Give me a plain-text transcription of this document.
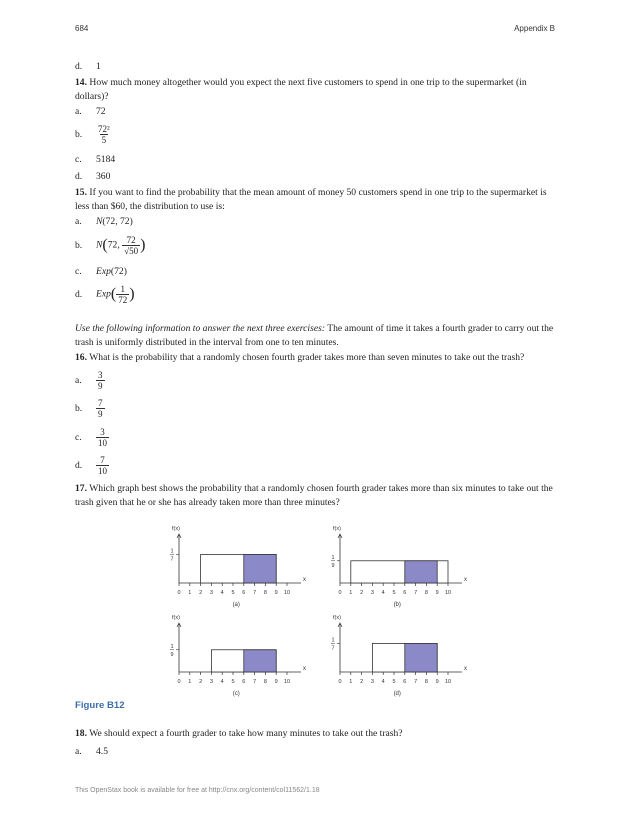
684	Appendix B
d. 1
14. How much money altogether would you expect the next five customers to spend in one trip to the supermarket (in dollars)?
a. 72
b. $\frac{\text{72²}}{5}$
c. 5184
d. 360
15. If you want to find the probability that the mean amount of money 50 customers spend in one trip to the supermarket is less than $60, the distribution to use is:
a. N(72, 72)
b. N(72, $\frac{72}{√50}$ )
c. Exp(72)
d. $Exp( \frac{1}{72}$ )
Use the following information to answer the next three exercises: The amount of time it takes a fourth grader to carry out the trash is uniformly distributed in the interval from one to ten minutes.
16. What is the probability that a randomly chosen fourth grader takes more than seven minutes to take out the trash?
a. $\frac{3}{9}$
b. $\frac{7}{9}$
c. $\frac{3}{10}$
d. $\frac{7}{10}$
17. Which graph best shows the probability that a randomly chosen fourth grader takes more than six minutes to take out the trash given that he or she has already taken more than three minutes?
x
f(x)
0 1 2 3 4 5 6 7 8 9 10
1
7
(a)
x
f(x)
0 1 2 3 4 5 6 7 8 9 10
1
9
(b)
x
f(x)
0 1 2 3 4 5 6 7 8 9 10
1
9
(c)
x
f(x)
0 1 2 3 4 5 6 7 8 9 10
1
7
(d)
Figure B12
18. We should expect a fourth grader to take how many minutes to take out the trash?
a. 4.5
This OpenStax book is available for free at http://cnx.org/content/col11562/1.18
